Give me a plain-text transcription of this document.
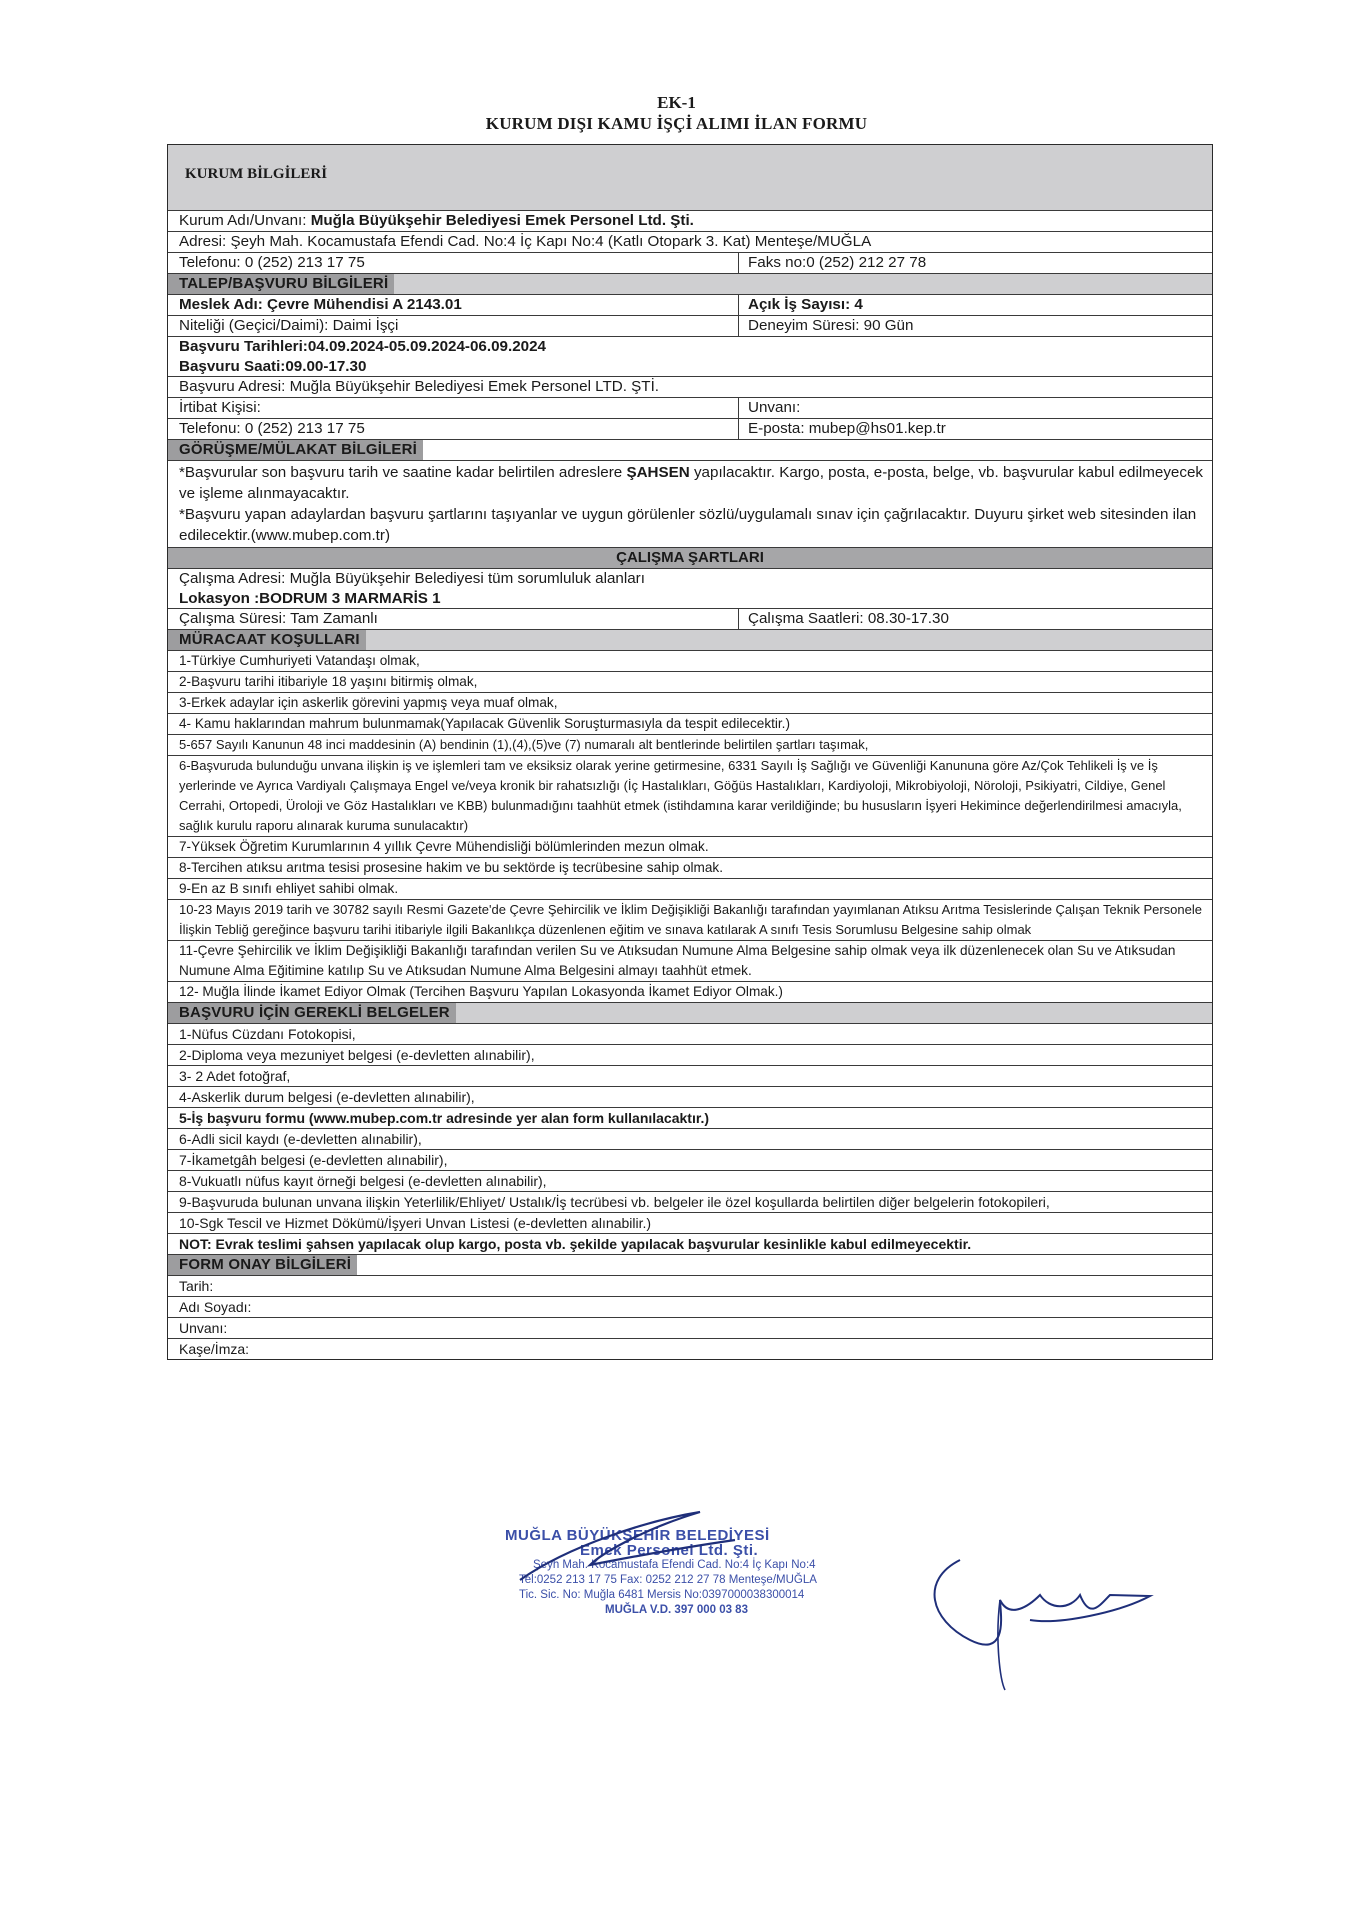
EK-1
KURUM DIŞI KAMU İŞÇİ ALIMI İLAN FORMU
KURUM BİLGİLERİ
Kurum Adı/Unvanı: Muğla Büyükşehir Belediyesi Emek Personel Ltd. Şti.
Adresi: Şeyh Mah. Kocamustafa Efendi Cad. No:4 İç Kapı No:4 (Katlı Otopark 3. Kat) Menteşe/MUĞLA
Telefonu: 0 (252) 213 17 75	Faks no:0 (252) 212 27 78
TALEP/BAŞVURU BİLGİLERİ
Meslek Adı: Çevre Mühendisi A 2143.01	Açık İş Sayısı: 4
Niteliği (Geçici/Daimi): Daimi İşçi	Deneyim Süresi: 90 Gün
Başvuru Tarihleri:04.09.2024-05.09.2024-06.09.2024
Başvuru Saati:09.00-17.30
Başvuru Adresi: Muğla Büyükşehir Belediyesi Emek Personel LTD. ŞTİ.
İrtibat Kişisi:	Unvanı:
Telefonu: 0 (252) 213 17 75	E-posta: mubep@hs01.kep.tr
GÖRÜŞME/MÜLAKAT BİLGİLERİ
*Başvurular son başvuru tarih ve saatine kadar belirtilen adreslere ŞAHSEN yapılacaktır. Kargo, posta, e-posta, belge, vb. başvurular kabul edilmeyecek ve işleme alınmayacaktır.
*Başvuru yapan adaylardan başvuru şartlarını taşıyanlar ve uygun görülenler sözlü/uygulamalı sınav için çağrılacaktır. Duyuru şirket web sitesinden ilan edilecektir.(www.mubep.com.tr)
ÇALIŞMA ŞARTLARI
Çalışma Adresi: Muğla Büyükşehir Belediyesi tüm sorumluluk alanları
Lokasyon :BODRUM 3 MARMARİS 1
Çalışma Süresi: Tam Zamanlı	Çalışma Saatleri: 08.30-17.30
MÜRACAAT KOŞULLARI
1-Türkiye Cumhuriyeti Vatandaşı olmak,
2-Başvuru tarihi itibariyle 18 yaşını bitirmiş olmak,
3-Erkek adaylar için askerlik görevini yapmış veya muaf olmak,
4- Kamu haklarından mahrum bulunmamak(Yapılacak Güvenlik Soruşturmasıyla da tespit edilecektir.)
5-657 Sayılı Kanunun 48 inci maddesinin (A) bendinin (1),(4),(5)ve (7) numaralı alt bentlerinde belirtilen şartları taşımak,
6-Başvuruda bulunduğu unvana ilişkin iş ve işlemleri tam ve eksiksiz olarak yerine getirmesine, 6331 Sayılı İş Sağlığı ve Güvenliği Kanununa göre Az/Çok Tehlikeli İş ve İş yerlerinde ve Ayrıca Vardiyalı Çalışmaya Engel ve/veya kronik bir rahatsızlığı (İç Hastalıkları, Göğüs Hastalıkları, Kardiyoloji, Mikrobiyoloji, Nöroloji, Psikiyatri, Cildiye, Genel Cerrahi, Ortopedi, Üroloji ve Göz Hastalıkları ve KBB) bulunmadığını taahhüt etmek (istihdamına karar verildiğinde; bu hususların İşyeri Hekimince değerlendirilmesi amacıyla, sağlık kurulu raporu alınarak kuruma sunulacaktır)
7-Yüksek Öğretim Kurumlarının 4 yıllık Çevre Mühendisliği bölümlerinden mezun olmak.
8-Tercihen atıksu arıtma tesisi prosesine hakim ve bu sektörde iş tecrübesine sahip olmak.
9-En az B sınıfı ehliyet sahibi olmak.
10-23 Mayıs 2019 tarih ve 30782 sayılı Resmi Gazete'de Çevre Şehircilik ve İklim Değişikliği Bakanlığı tarafından yayımlanan Atıksu Arıtma Tesislerinde Çalışan Teknik Personele İlişkin Tebliğ gereğince başvuru tarihi itibariyle ilgili Bakanlıkça düzenlenen eğitim ve sınava katılarak A sınıfı Tesis Sorumlusu Belgesine sahip olmak
11-Çevre Şehircilik ve İklim Değişikliği Bakanlığı tarafından verilen Su ve Atıksudan Numune Alma Belgesine sahip olmak veya ilk düzenlenecek olan Su ve Atıksudan Numune Alma Eğitimine katılıp Su ve Atıksudan Numune Alma Belgesini almayı taahhüt etmek.
12- Muğla İlinde İkamet Ediyor Olmak (Tercihen Başvuru Yapılan Lokasyonda İkamet Ediyor Olmak.)
BAŞVURU İÇİN GEREKLİ BELGELER
1-Nüfus Cüzdanı Fotokopisi,
2-Diploma veya mezuniyet belgesi (e-devletten alınabilir),
3- 2 Adet fotoğraf,
4-Askerlik durum belgesi (e-devletten alınabilir),
5-İş başvuru formu (www.mubep.com.tr adresinde yer alan form kullanılacaktır.)
6-Adli sicil kaydı (e-devletten alınabilir),
7-İkametgâh belgesi (e-devletten alınabilir),
8-Vukuatlı nüfus kayıt örneği belgesi (e-devletten alınabilir),
9-Başvuruda bulunan unvana ilişkin Yeterlilik/Ehliyet/ Ustalık/İş tecrübesi vb. belgeler ile özel koşullarda belirtilen diğer belgelerin fotokopileri,
10-Sgk Tescil ve Hizmet Dökümü/İşyeri Unvan Listesi (e-devletten alınabilir.)
NOT: Evrak teslimi şahsen yapılacak olup kargo, posta vb. şekilde yapılacak başvurular kesinlikle kabul edilmeyecektir.
FORM ONAY BİLGİLERİ
Tarih:
Adı Soyadı:
Unvanı:
Kaşe/İmza:
MUĞLA BÜYÜKŞEHİR BELEDİYESİ
Emek Personel Ltd. Şti.
Şeyh Mah. Kocamustafa Efendi Cad. No:4 İç Kapı No:4
Tel:0252 213 17 75 Fax: 0252 212 27 78 Menteşe/MUĞLA
Tic. Sic. No: Muğla 6481 Mersis No:0397000038300014
MUĞLA V.D. 397 000 03 83
